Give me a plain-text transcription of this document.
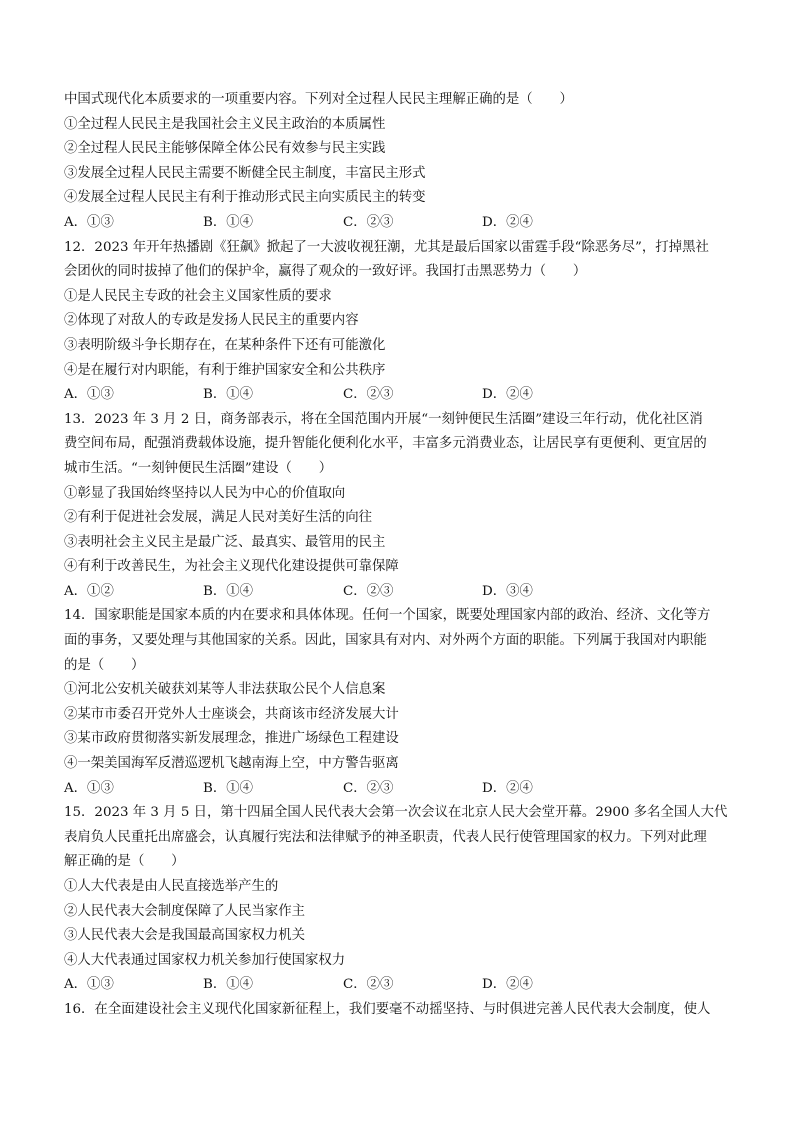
中国式现代化本质要求的一项重要内容。下列对全过程人民民主理解正确的是（　　）
①全过程人民民主是我国社会主义民主政治的本质属性
②全过程人民民主能够保障全体公民有效参与民主实践
③发展全过程人民民主需要不断健全民主制度，丰富民主形式
④发展全过程人民民主有利于推动形式民主向实质民主的转变
A．①③	B．①④	C．②③	D．②④
12．2023 年开年热播剧《狂飙》掀起了一大波收视狂潮，尤其是最后国家以雷霆手段“除恶务尽”，打掉黑社
会团伙的同时拔掉了他们的保护伞，赢得了观众的一致好评。我国打击黑恶势力（　　）
①是人民民主专政的社会主义国家性质的要求
②体现了对敌人的专政是发扬人民民主的重要内容
③表明阶级斗争长期存在，在某种条件下还有可能激化
④是在履行对内职能，有利于维护国家安全和公共秩序
A．①③	B．①④	C．②③	D．②④
13．2023 年 3 月 2 日，商务部表示，将在全国范围内开展“一刻钟便民生活圈”建设三年行动，优化社区消
费空间布局，配强消费载体设施，提升智能化便利化水平，丰富多元消费业态，让居民享有更便利、更宜居的
城市生活。“一刻钟便民生活圈”建设（　　）
①彰显了我国始终坚持以人民为中心的价值取向
②有利于促进社会发展，满足人民对美好生活的向往
③表明社会主义民主是最广泛、最真实、最管用的民主
④有利于改善民生，为社会主义现代化建设提供可靠保障
A．①②	B．①④	C．②③	D．③④
14．国家职能是国家本质的内在要求和具体体现。任何一个国家，既要处理国家内部的政治、经济、文化等方
面的事务，又要处理与其他国家的关系。因此，国家具有对内、对外两个方面的职能。下列属于我国对内职能
的是（　　）
①河北公安机关破获刘某等人非法获取公民个人信息案
②某市市委召开党外人士座谈会，共商该市经济发展大计
③某市政府贯彻落实新发展理念，推进广场绿色工程建设
④一架美国海军反潜巡逻机飞越南海上空，中方警告驱离
A．①③	B．①④	C．②③	D．②④
15．2023 年 3 月 5 日，第十四届全国人民代表大会第一次会议在北京人民大会堂开幕。2900 多名全国人大代
表肩负人民重托出席盛会，认真履行宪法和法律赋予的神圣职责，代表人民行使管理国家的权力。下列对此理
解正确的是（　　）
①人大代表是由人民直接选举产生的
②人民代表大会制度保障了人民当家作主
③人民代表大会是我国最高国家权力机关
④人大代表通过国家权力机关参加行使国家权力
A．①③	B．①④	C．②③	D．②④
16．在全面建设社会主义现代化国家新征程上，我们要毫不动摇坚持、与时俱进完善人民代表大会制度，使人
